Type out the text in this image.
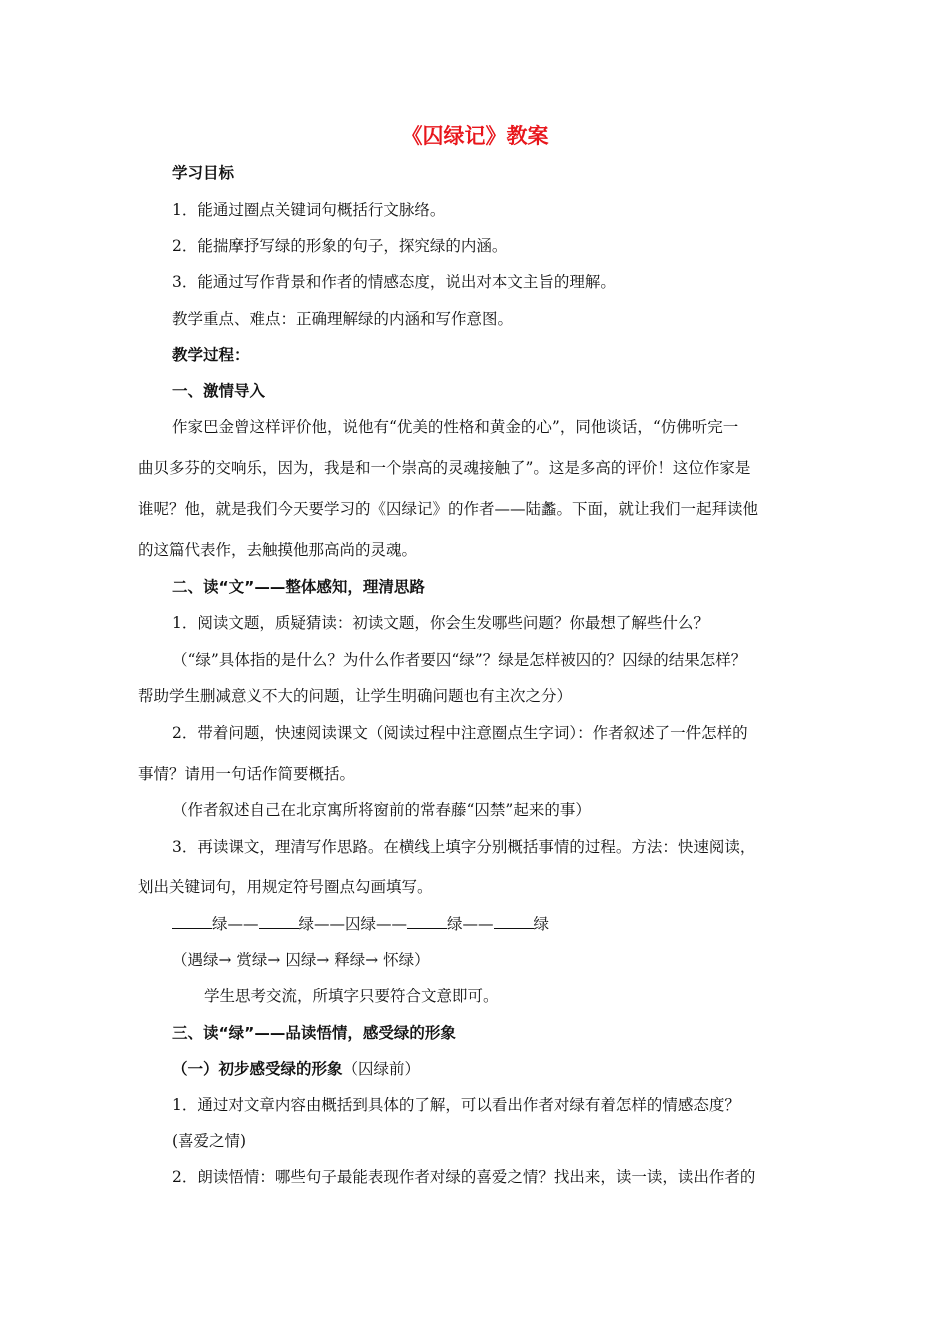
《囚绿记》教案
学习目标
1．能通过圈点关键词句概括行文脉络。
2．能揣摩抒写绿的形象的句子，探究绿的内涵。
3．能通过写作背景和作者的情感态度，说出对本文主旨的理解。
教学重点、难点：正确理解绿的内涵和写作意图。
教学过程：
一、激情导入
作家巴金曾这样评价他，说他有“优美的性格和黄金的心”，同他谈话，“仿佛听完一
曲贝多芬的交响乐，因为，我是和一个崇高的灵魂接触了”。这是多高的评价！这位作家是
谁呢？他，就是我们今天要学习的《囚绿记》的作者——陆蠡。下面，就让我们一起拜读他
的这篇代表作，去触摸他那高尚的灵魂。
二、读“文”——整体感知，理清思路
1．阅读文题，质疑猜读：初读文题，你会生发哪些问题？你最想了解些什么？
（“绿”具体指的是什么？为什么作者要囚“绿”？绿是怎样被囚的？囚绿的结果怎样？
帮助学生删减意义不大的问题，让学生明确问题也有主次之分）
2．带着问题，快速阅读课文（阅读过程中注意圈点生字词）：作者叙述了一件怎样的
事情？请用一句话作简要概括。
（作者叙述自己在北京寓所将窗前的常春藤“囚禁”起来的事）
3．再读课文，理清写作思路。在横线上填字分别概括事情的过程。方法：快速阅读，
划出关键词句，用规定符号圈点勾画填写。
绿——	绿——囚绿——	绿——	绿
（遇绿→ 赏绿→ 囚绿→ 释绿→ 怀绿）
学生思考交流，所填字只要符合文意即可。
三、读“绿”——品读悟情，感受绿的形象
（一）初步感受绿的形象（囚绿前）
1．通过对文章内容由概括到具体的了解，可以看出作者对绿有着怎样的情感态度？
(喜爱之情)
2．朗读悟情：哪些句子最能表现作者对绿的喜爱之情？找出来，读一读，读出作者的
